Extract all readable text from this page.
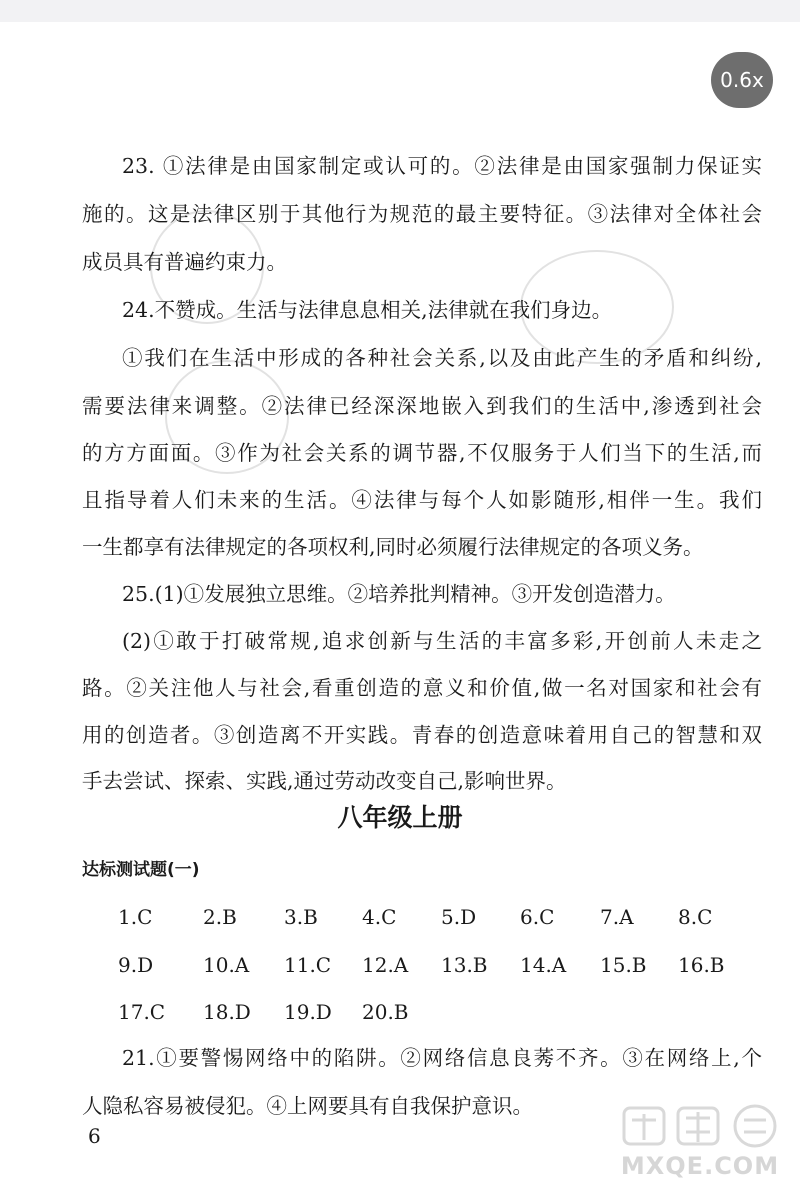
23. ①法律是由国家制定或认可的。②法律是由国家强制力保证实
施的。这是法律区别于其他行为规范的最主要特征。③法律对全体社会
成员具有普遍约束力。
24.不赞成。生活与法律息息相关,法律就在我们身边。
①我们在生活中形成的各种社会关系,以及由此产生的矛盾和纠纷,
需要法律来调整。②法律已经深深地嵌入到我们的生活中,渗透到社会
的方方面面。③作为社会关系的调节器,不仅服务于人们当下的生活,而
且指导着人们未来的生活。④法律与每个人如影随形,相伴一生。我们
一生都享有法律规定的各项权利,同时必须履行法律规定的各项义务。
25.(1)①发展独立思维。②培养批判精神。③开发创造潜力。
(2)①敢于打破常规,追求创新与生活的丰富多彩,开创前人未走之
路。②关注他人与社会,看重创造的意义和价值,做一名对国家和社会有
用的创造者。③创造离不开实践。青春的创造意味着用自己的智慧和双
手去尝试、探索、实践,通过劳动改变自己,影响世界。
八年级上册
达标测试题(一)
1.C	2.B 3.B 4.C 5.D 6.C 7.A 8.C
9.D 10.A 11.C 12.A 13.B 14.A 15.B 16.B
17.C 18.D 19.D 20.B
21.①要警惕网络中的陷阱。②网络信息良莠不齐。③在网络上,个
人隐私容易被侵犯。④上网要具有自我保护意识。
6
MXQE.COM
0.6x
